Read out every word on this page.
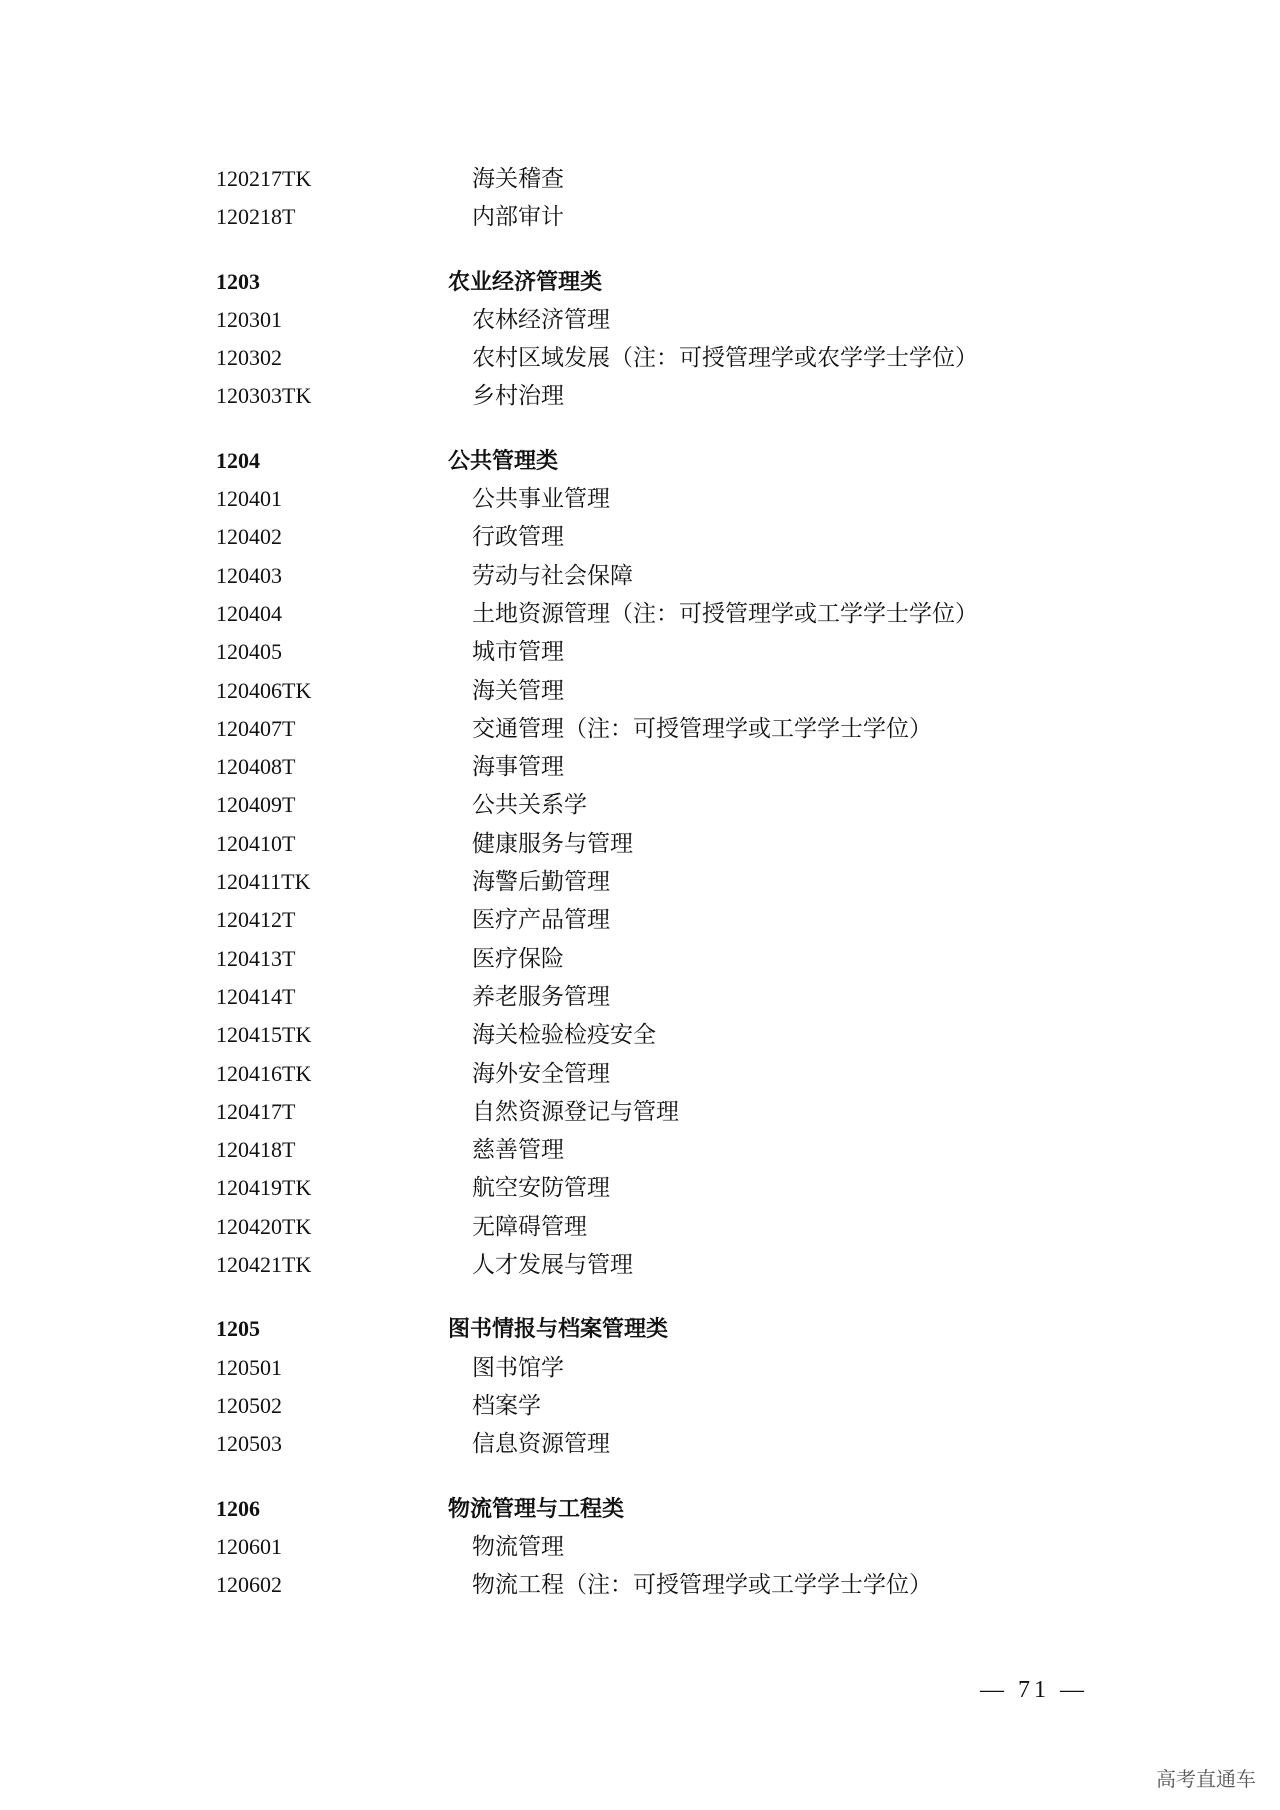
120217TK	海关稽查
120218T	内部审计
1203	农业经济管理类
120301	农林经济管理
120302	农村区域发展（注：可授管理学或农学学士学位）
120303TK	乡村治理
1204	公共管理类
120401	公共事业管理
120402	行政管理
120403	劳动与社会保障
120404	土地资源管理（注：可授管理学或工学学士学位）
120405	城市管理
120406TK	海关管理
120407T	交通管理（注：可授管理学或工学学士学位）
120408T	海事管理
120409T	公共关系学
120410T	健康服务与管理
120411TK	海警后勤管理
120412T	医疗产品管理
120413T	医疗保险
120414T	养老服务管理
120415TK	海关检验检疫安全
120416TK	海外安全管理
120417T	自然资源登记与管理
120418T	慈善管理
120419TK	航空安防管理
120420TK	无障碍管理
120421TK	人才发展与管理
1205	图书情报与档案管理类
120501	图书馆学
120502	档案学
120503	信息资源管理
1206	物流管理与工程类
120601	物流管理
120602	物流工程（注：可授管理学或工学学士学位）
— 71 —
高考直通车
